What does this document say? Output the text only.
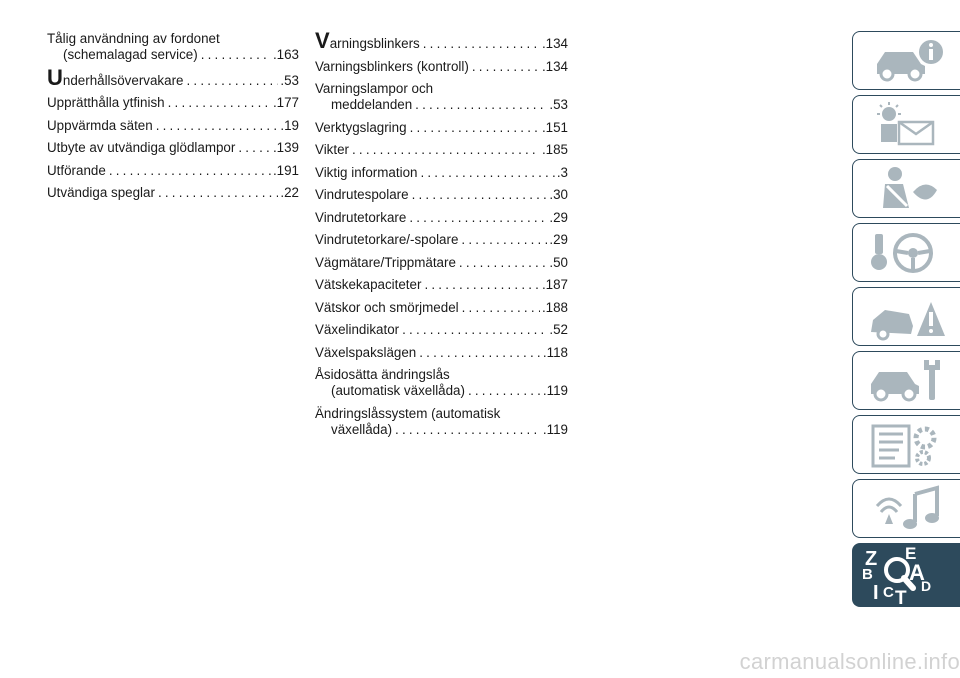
Tålig användning av fordonet
(schemalagad service) .....	.163
Underhållsövervakare .....	.53
Upprätthålla ytfinish .....	.177
Uppvärmda säten .....	.19
Utbyte av utvändiga glödlampor .....	.139
Utförande .....	.191
Utvändiga speglar .....	.22
Varningsblinkers .....	.134
Varningsblinkers (kontroll) .....	.134
Varningslampor och
meddelanden .....	.53
Verktygslagring .....	.151
Vikter .....	.185
Viktig information .....	.3
Vindrutespolare .....	.30
Vindrutetorkare .....	.29
Vindrutetorkare/-spolare .....	.29
Vägmätare/Trippmätare .....	.50
Vätskekapaciteter .....	.187
Vätskor och smörjmedel .....	.188
Växelindikator .....	.52
Växelspakslägen .....	.118
Åsidosätta ändringslås
(automatisk växellåda) .....	.119
Ändringslåssystem (automatisk
växellåda) .....	.119
Z E
B A
C D
I T
carmanualsonline.info
